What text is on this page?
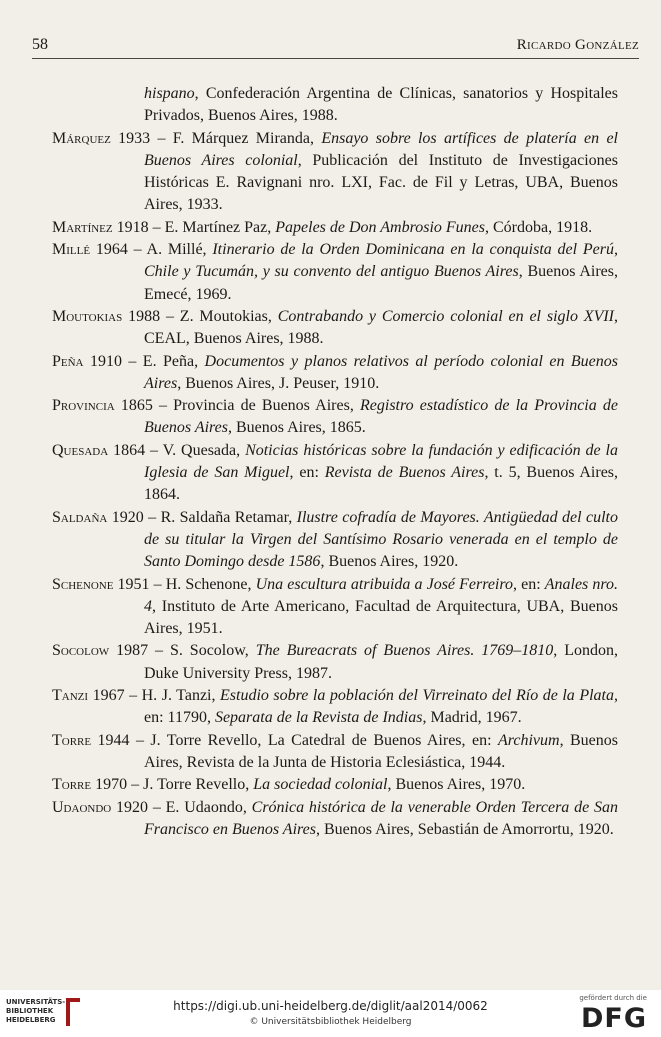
58	Ricardo González

hispano, Confederación Argentina de Clínicas, sanatorios y Hospitales Privados, Buenos Aires, 1988.

Márquez 1933 – F. Márquez Miranda, Ensayo sobre los artífices de platería en el Buenos Aires colonial, Publicación del Instituto de Investigaciones Históricas E. Ravignani nro. LXI, Fac. de Fil y Letras, UBA, Buenos Aires, 1933.

Martínez 1918 – E. Martínez Paz, Papeles de Don Ambrosio Funes, Córdoba, 1918.

Millé 1964 – A. Millé, Itinerario de la Orden Dominicana en la conquista del Perú, Chile y Tucumán, y su convento del antiguo Buenos Aires, Buenos Aires, Emecé, 1969.

Moutokias 1988 – Z. Moutokias, Contrabando y Comercio colonial en el siglo XVII, CEAL, Buenos Aires, 1988.

Peña 1910 – E. Peña, Documentos y planos relativos al período colonial en Buenos Aires, Buenos Aires, J. Peuser, 1910.

Provincia 1865 – Provincia de Buenos Aires, Registro estadístico de la Provincia de Buenos Aires, Buenos Aires, 1865.

Quesada 1864 – V. Quesada, Noticias históricas sobre la fundación y edificación de la Iglesia de San Miguel, en: Revista de Buenos Aires, t. 5, Buenos Aires, 1864.

Saldaña 1920 – R. Saldaña Retamar, Ilustre cofradía de Mayores. Antigüedad del culto de su titular la Virgen del Santísimo Rosario venerada en el templo de Santo Domingo desde 1586, Buenos Aires, 1920.

Schenone 1951 – H. Schenone, Una escultura atribuida a José Ferreiro, en: Anales nro. 4, Instituto de Arte Americano, Facultad de Arquitectura, UBA, Buenos Aires, 1951.

Socolow 1987 – S. Socolow, The Bureacrats of Buenos Aires. 1769–1810, London, Duke University Press, 1987.

Tanzi 1967 – H. J. Tanzi, Estudio sobre la población del Virreinato del Río de la Plata, en: 11790, Separata de la Revista de Indias, Madrid, 1967.

Torre 1944 – J. Torre Revello, La Catedral de Buenos Aires, en: Archivum, Buenos Aires, Revista de la Junta de Historia Eclesiástica, 1944.

Torre 1970 – J. Torre Revello, La sociedad colonial, Buenos Aires, 1970.

Udaondo 1920 – E. Udaondo, Crónica histórica de la venerable Orden Tercera de San Francisco en Buenos Aires, Buenos Aires, Sebastián de Amorrortu, 1920.

UNIVERSITÄTS- BIBLIOTHEK HEIDELBERG
https://digi.ub.uni-heidelberg.de/diglit/aal2014/0062
© Universitätsbibliothek Heidelberg
gefördert durch die
DFG
